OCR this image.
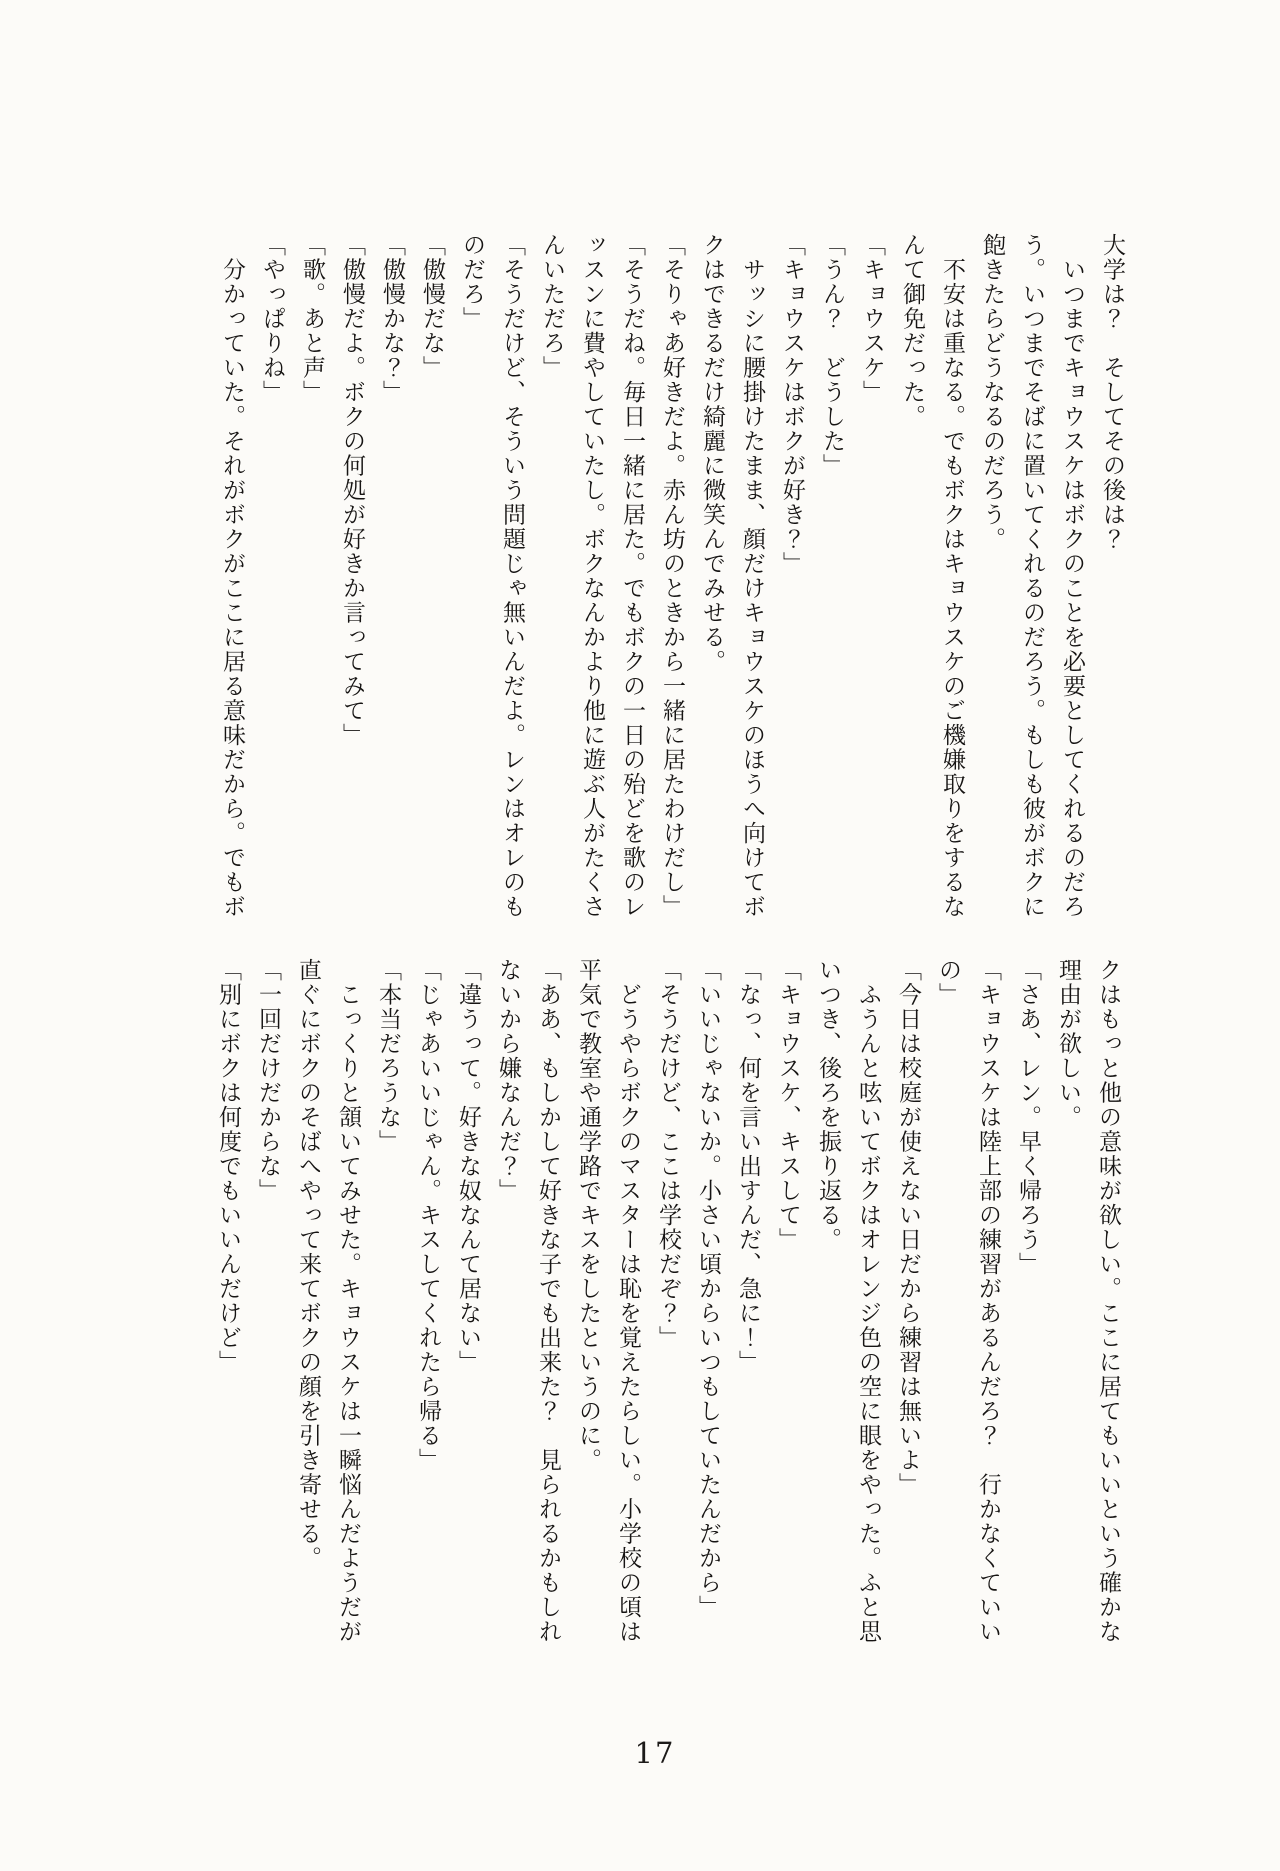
大学は？　そしてその後は？

　いつまでキョウスケはボクのことを必要としてくれるのだろ

う。いつまでそばに置いてくれるのだろう。もしも彼がボクに

飽きたらどうなるのだろう。

　不安は重なる。でもボクはキョウスケのご機嫌取りをするな

んて御免だった。

「キョウスケ」

「うん？　どうした」

「キョウスケはボクが好き？」

　サッシに腰掛けたまま、顔だけキョウスケのほうへ向けてボ

クはできるだけ綺麗に微笑んでみせる。

「そりゃあ好きだよ。赤ん坊のときから一緒に居たわけだし」

「そうだね。毎日一緒に居た。でもボクの一日の殆どを歌のレ

ッスンに費やしていたし。ボクなんかより他に遊ぶ人がたくさ

んいただろ」

「そうだけど、そういう問題じゃ無いんだよ。レンはオレのも

のだろ」

「傲慢だな」

「傲慢かな？」

「傲慢だよ。ボクの何処が好きか言ってみて」

「歌。あと声」

「やっぱりね」

　分かっていた。それがボクがここに居る意味だから。でもボ

クはもっと他の意味が欲しい。ここに居てもいいという確かな

理由が欲しい。

「さあ、レン。早く帰ろう」

「キョウスケは陸上部の練習があるんだろ？　行かなくていい

の」

「今日は校庭が使えない日だから練習は無いよ」

　ふうんと呟いてボクはオレンジ色の空に眼をやった。ふと思

いつき、後ろを振り返る。

「キョウスケ、キスして」

「なっ、何を言い出すんだ、急に！」

「いいじゃないか。小さい頃からいつもしていたんだから」

「そうだけど、ここは学校だぞ？」

　どうやらボクのマスターは恥を覚えたらしい。小学校の頃は

平気で教室や通学路でキスをしたというのに。

「ああ、もしかして好きな子でも出来た？　見られるかもしれ

ないから嫌なんだ？」

「違うって。好きな奴なんて居ない」

「じゃあいいじゃん。キスしてくれたら帰る」

「本当だろうな」

　こっくりと頷いてみせた。キョウスケは一瞬悩んだようだが

直ぐにボクのそばへやって来てボクの顔を引き寄せる。

「一回だけだからな」

「別にボクは何度でもいいんだけど」

17
